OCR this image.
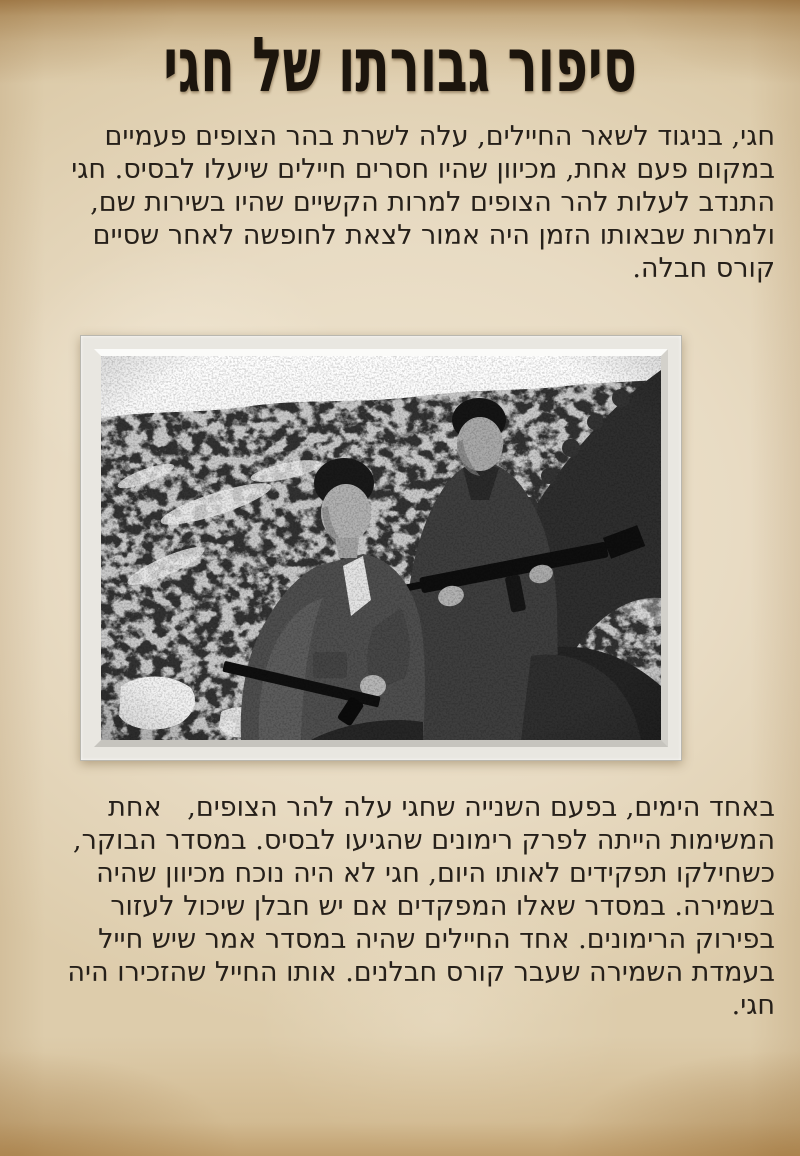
סיפור גבורתו של חגי

חגי, בניגוד לשאר החיילים, עלה לשרת בהר הצופים פעמיים במקום פעם אחת, מכיוון שהיו חסרים חיילים שיעלו לבסיס. חגי התנדב לעלות להר הצופים למרות הקשיים שהיו בשירות שם, ולמרות שבאותו הזמן היה אמור לצאת לחופשה לאחר שסיים קורס חבלה.

באחד הימים, בפעם השנייה שחגי עלה להר הצופים,   אחת המשימות הייתה לפרק רימונים שהגיעו לבסיס. במסדר הבוקר, כשחילקו תפקידים לאותו היום, חגי לא היה נוכח מכיוון שהיה בשמירה. במסדר שאלו המפקדים אם יש חבלן שיכול לעזור בפירוק הרימונים. אחד החיילים שהיה במסדר אמר שיש חייל בעמדת השמירה שעבר קורס חבלנים. אותו החייל שהזכירו היה חגי.
